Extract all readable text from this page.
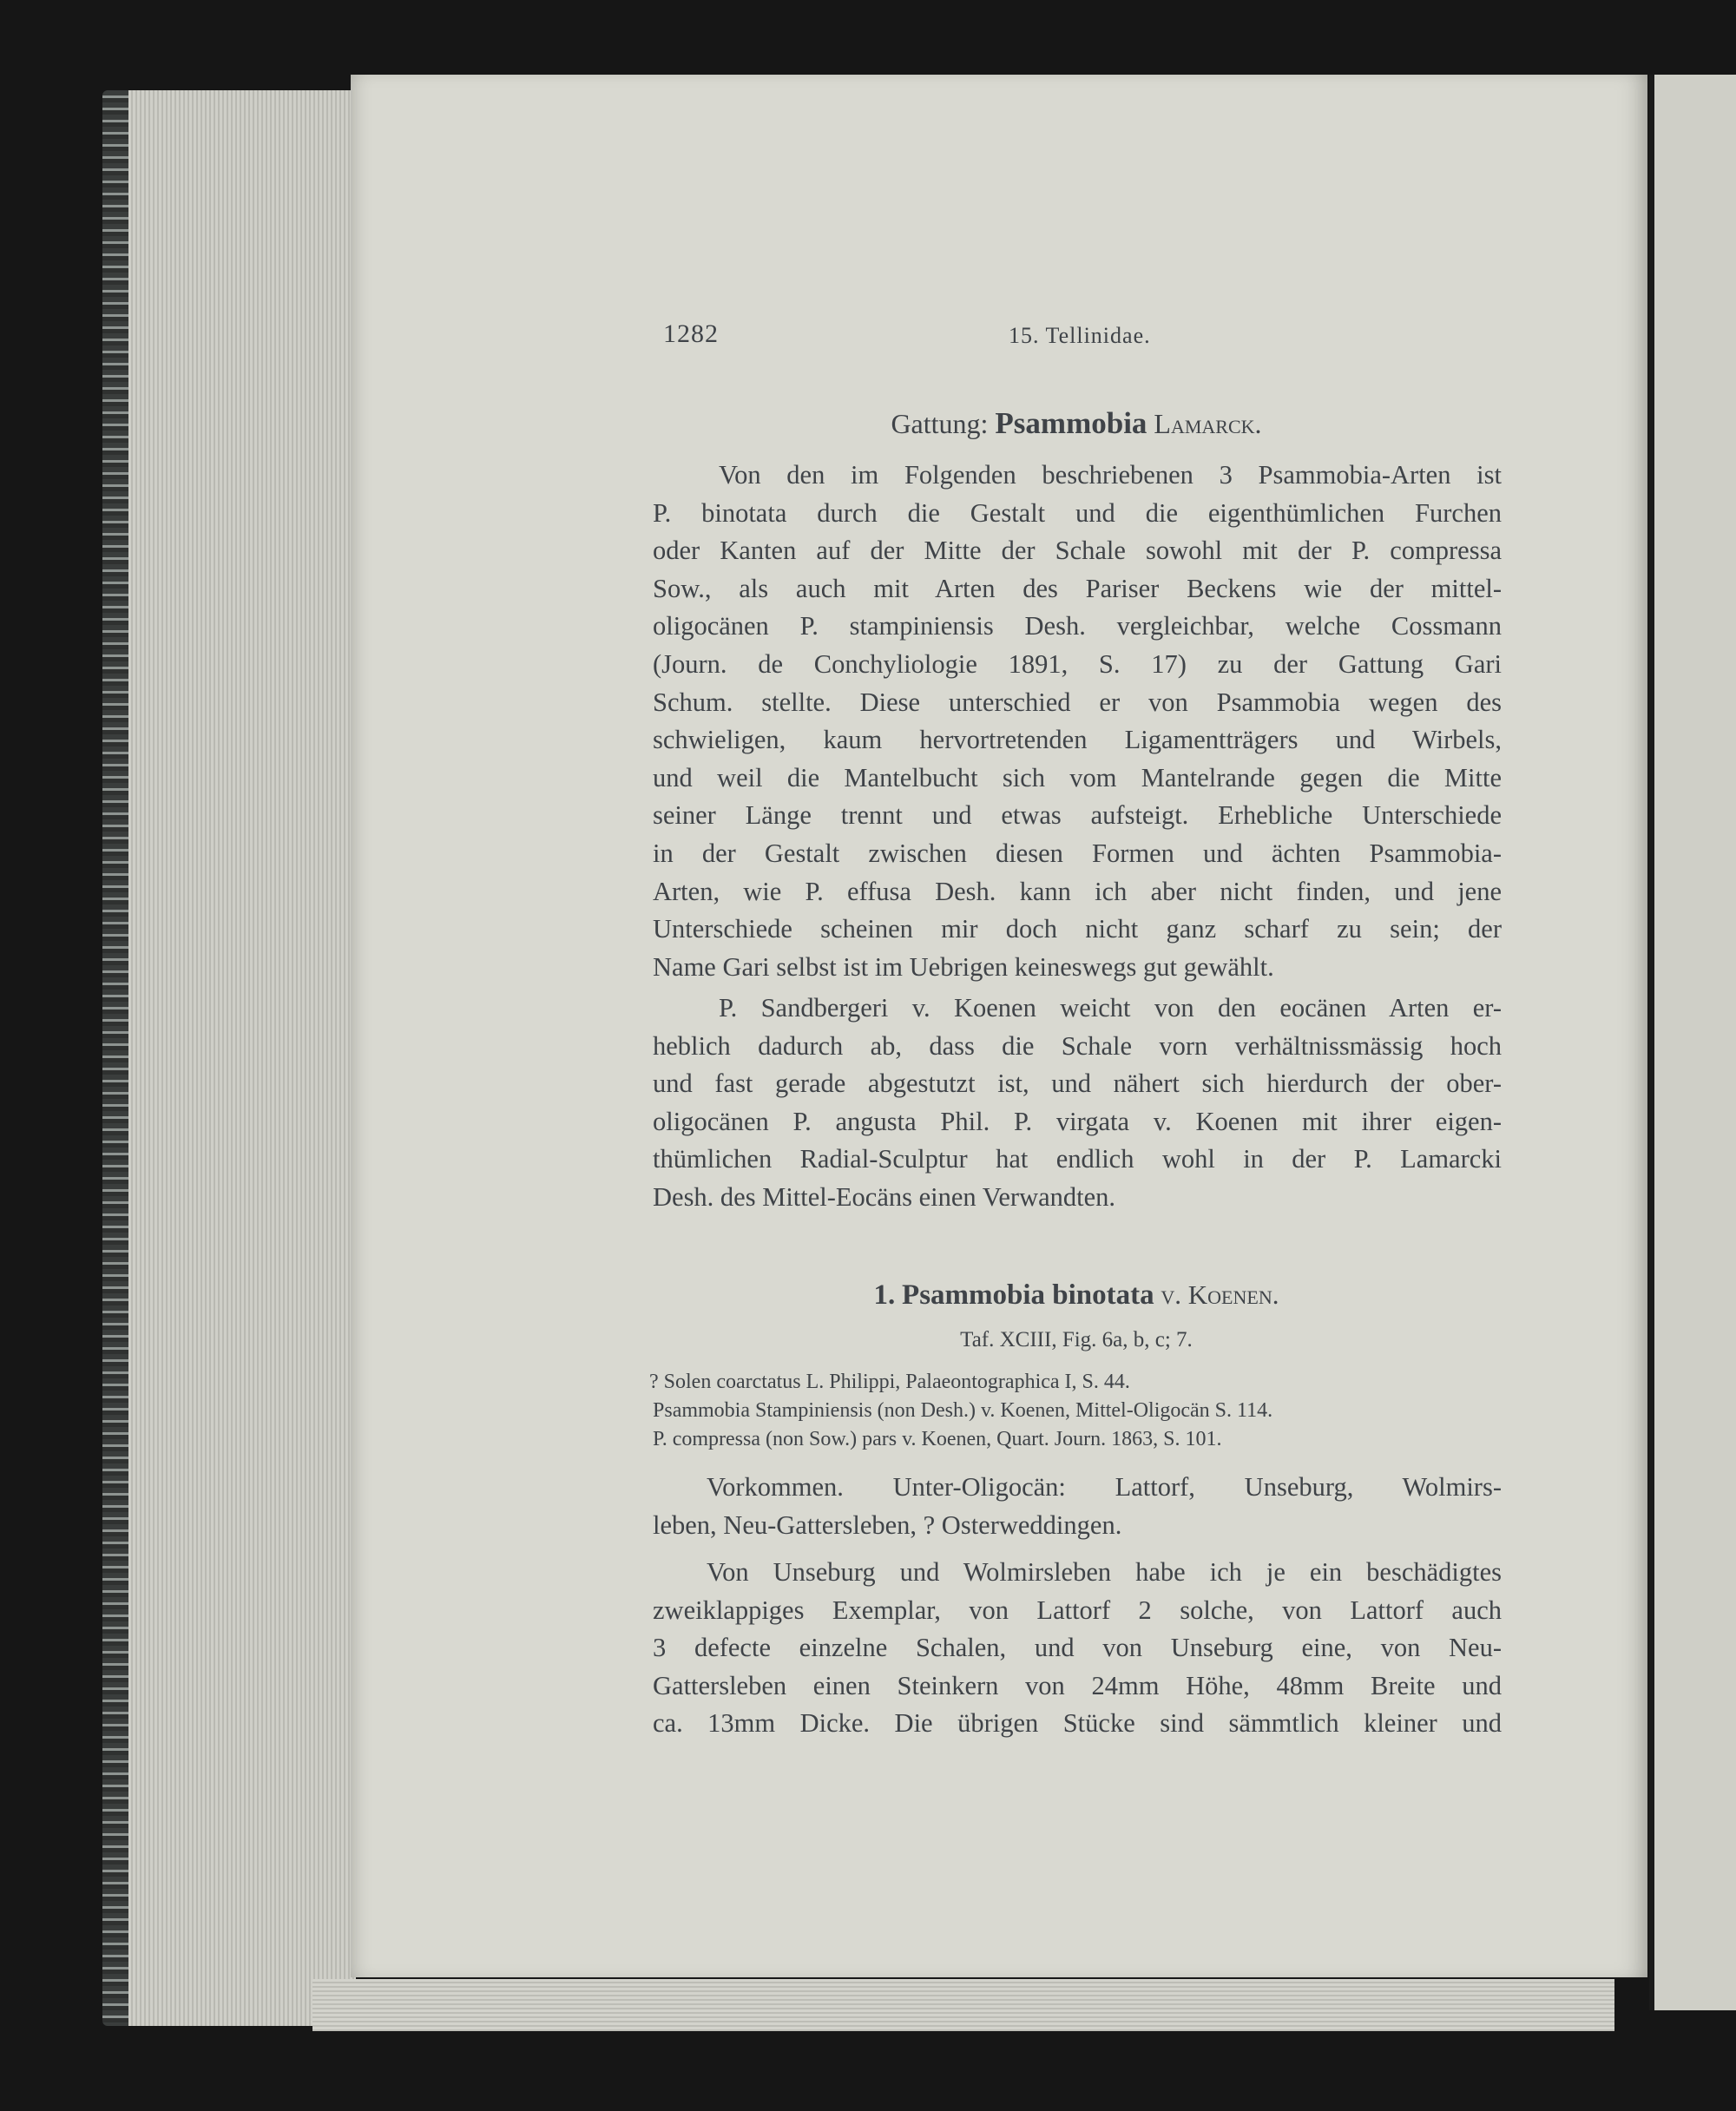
1282	15. Tellinidae.
Gattung: Psammobia Lamarck.

Von den im Folgenden beschriebenen 3 Psammobia-Arten ist
P. binotata durch die Gestalt und die eigenthümlichen Furchen
oder Kanten auf der Mitte der Schale sowohl mit der P. compressa
Sow., als auch mit Arten des Pariser Beckens wie der mittel-
oligocänen P. stampiniensis Desh. vergleichbar, welche Cossmann
(Journ. de Conchyliologie 1891, S. 17) zu der Gattung Gari
Schum. stellte. Diese unterschied er von Psammobia wegen des
schwieligen, kaum hervortretenden Ligamentträgers und Wirbels,
und weil die Mantelbucht sich vom Mantelrande gegen die Mitte
seiner Länge trennt und etwas aufsteigt. Erhebliche Unterschiede
in der Gestalt zwischen diesen Formen und ächten Psammobia-
Arten, wie P. effusa Desh. kann ich aber nicht finden, und jene
Unterschiede scheinen mir doch nicht ganz scharf zu sein; der
Name Gari selbst ist im Uebrigen keineswegs gut gewählt.

P. Sandbergeri v. Koenen weicht von den eocänen Arten er-
heblich dadurch ab, dass die Schale vorn verhältnissmässig hoch
und fast gerade abgestutzt ist, und nähert sich hierdurch der ober-
oligocänen P. angusta Phil. P. virgata v. Koenen mit ihrer eigen-
thümlichen Radial-Sculptur hat endlich wohl in der P. Lamarcki
Desh. des Mittel-Eocäns einen Verwandten.

1. Psammobia binotata v. Koenen.
Taf. XCIII, Fig. 6a, b, c; 7.
? Solen coarctatus L. Philippi, Palaeontographica I, S. 44.
Psammobia Stampiniensis (non Desh.) v. Koenen, Mittel-Oligocän S. 114.
P. compressa (non Sow.) pars v. Koenen, Quart. Journ. 1863, S. 101.

Vorkommen. Unter-Oligocän: Lattorf, Unseburg, Wolmirs-
leben, Neu-Gattersleben, ? Osterweddingen.

Von Unseburg und Wolmirsleben habe ich je ein beschädigtes
zweiklappiges Exemplar, von Lattorf 2 solche, von Lattorf auch
3 defecte einzelne Schalen, und von Unseburg eine, von Neu-
Gattersleben einen Steinkern von 24mm Höhe, 48mm Breite und
ca. 13mm Dicke. Die übrigen Stücke sind sämmtlich kleiner und
